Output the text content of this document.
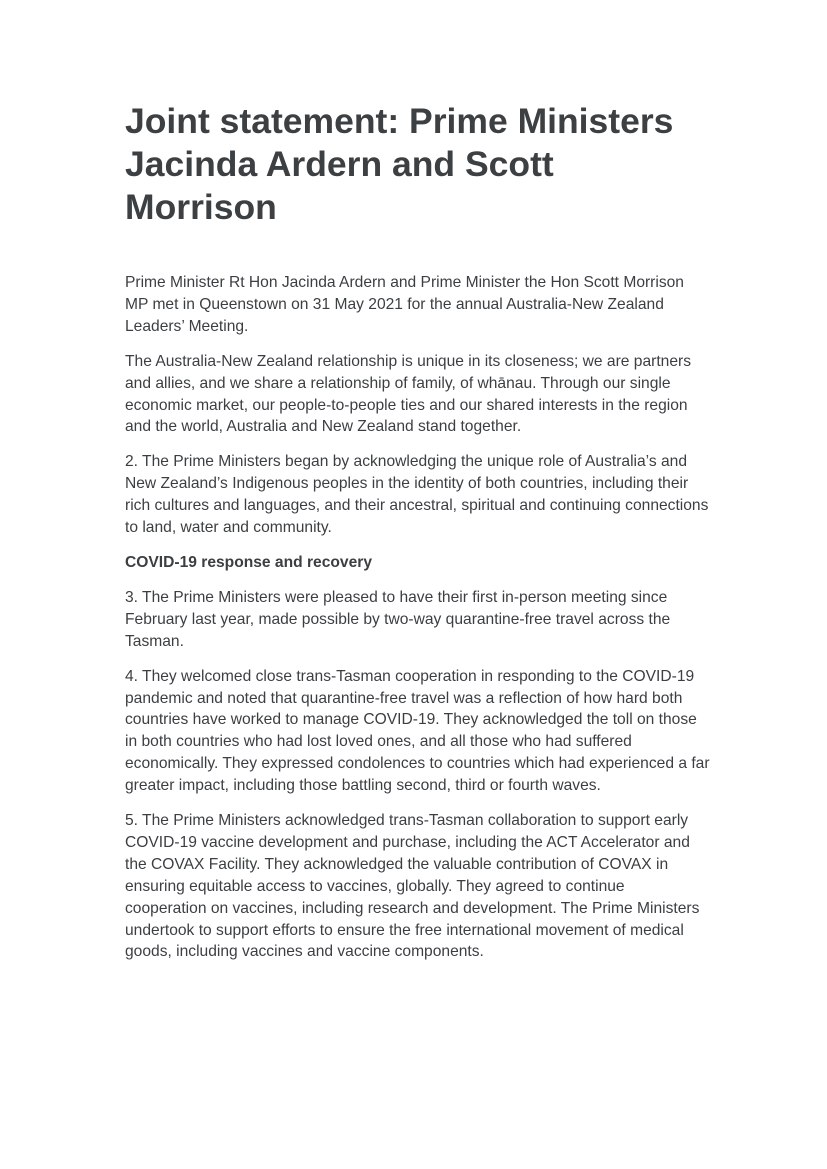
Joint statement: Prime Ministers Jacinda Ardern and Scott Morrison

Prime Minister Rt Hon Jacinda Ardern and Prime Minister the Hon Scott Morrison MP met in Queenstown on 31 May 2021 for the annual Australia-New Zealand Leaders’ Meeting.

The Australia-New Zealand relationship is unique in its closeness; we are partners and allies, and we share a relationship of family, of whānau. Through our single economic market, our people-to-people ties and our shared interests in the region and the world, Australia and New Zealand stand together.

2. The Prime Ministers began by acknowledging the unique role of Australia’s and New Zealand’s Indigenous peoples in the identity of both countries, including their rich cultures and languages, and their ancestral, spiritual and continuing connections to land, water and community.

COVID-19 response and recovery

3. The Prime Ministers were pleased to have their first in-person meeting since February last year, made possible by two-way quarantine-free travel across the Tasman.

4. They welcomed close trans-Tasman cooperation in responding to the COVID-19 pandemic and noted that quarantine-free travel was a reflection of how hard both countries have worked to manage COVID-19. They acknowledged the toll on those in both countries who had lost loved ones, and all those who had suffered economically. They expressed condolences to countries which had experienced a far greater impact, including those battling second, third or fourth waves.

5. The Prime Ministers acknowledged trans-Tasman collaboration to support early COVID-19 vaccine development and purchase, including the ACT Accelerator and the COVAX Facility. They acknowledged the valuable contribution of COVAX in ensuring equitable access to vaccines, globally. They agreed to continue cooperation on vaccines, including research and development. The Prime Ministers undertook to support efforts to ensure the free international movement of medical goods, including vaccines and vaccine components.
